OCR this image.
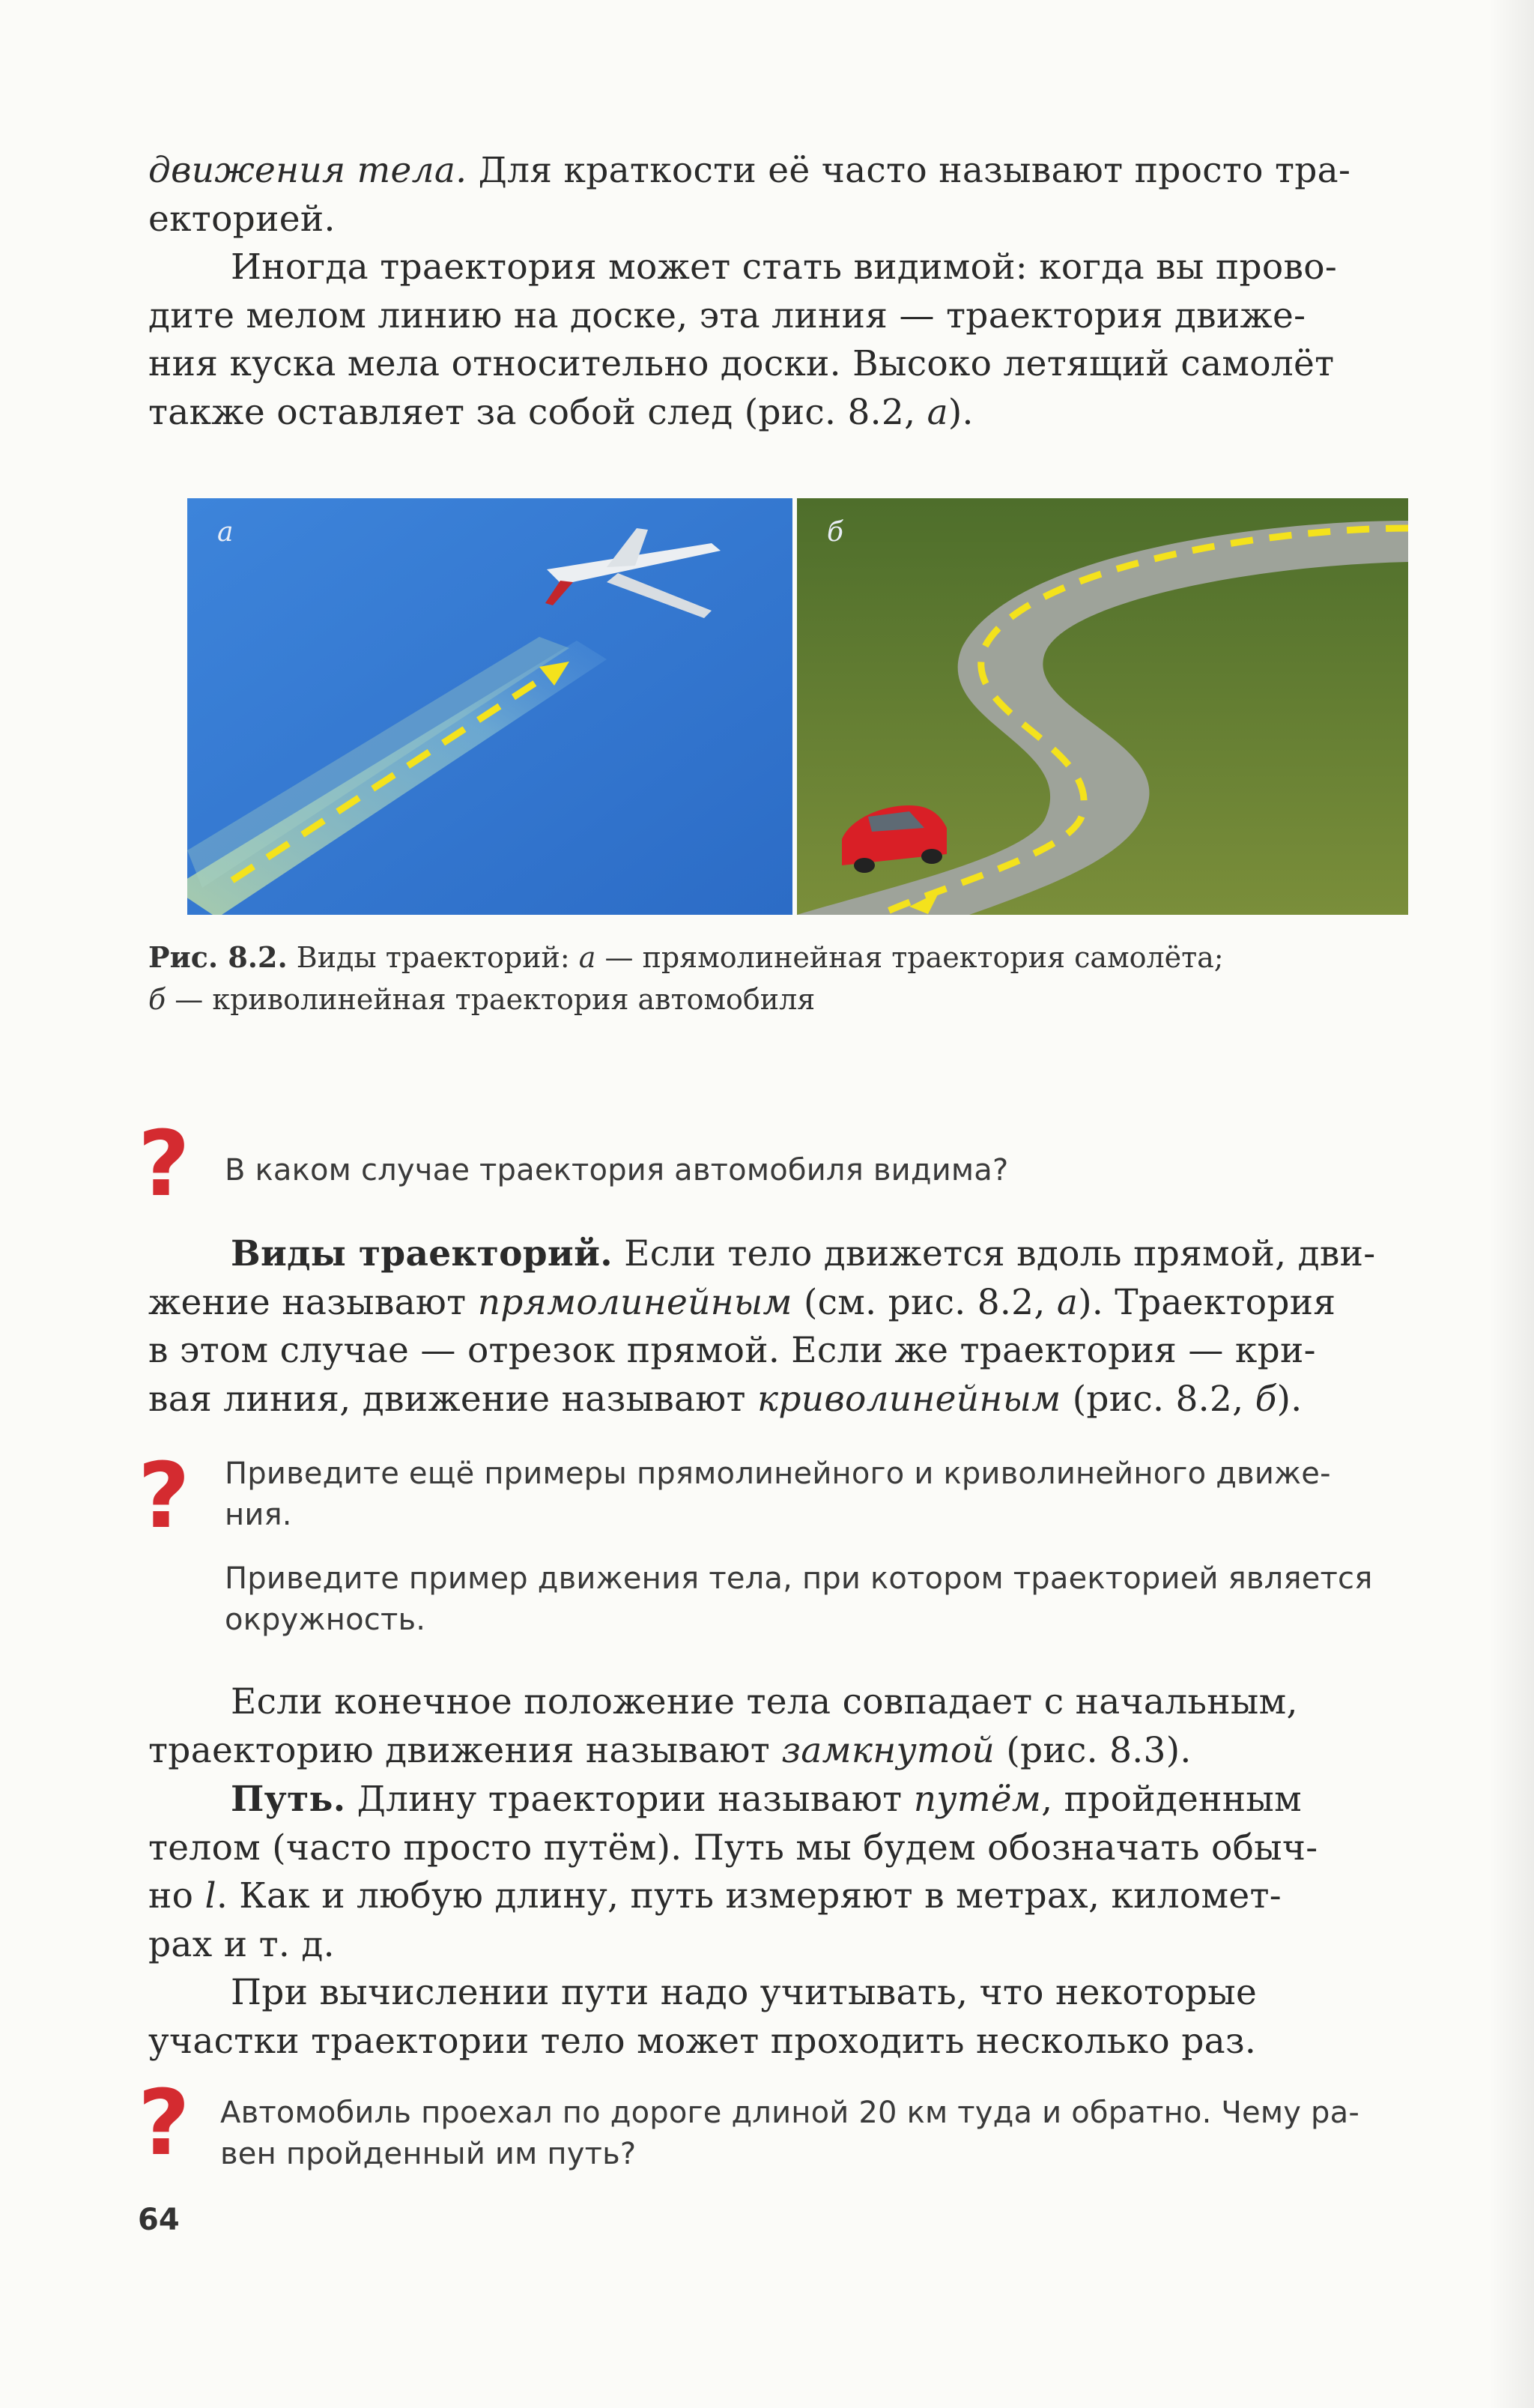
движения тела. Для краткости её часто называют просто тра-
екторией.

Иногда траектория может стать видимой: когда вы прово-
дите мелом линию на доске, эта линия — траектория движе-
ния куска мела относительно доски. Высоко летящий самолёт
также оставляет за собой след (рис. 8.2, а).

а	б

Рис. 8.2. Виды траекторий: а — прямолинейная траектория самолёта;
б — криволинейная траектория автомобиля

? В каком случае траектория автомобиля видима?

Виды траекторий. Если тело движется вдоль прямой, дви-
жение называют прямолинейным (см. рис. 8.2, а). Траектория
в этом случае — отрезок прямой. Если же траектория — кри-
вая линия, движение называют криволинейным (рис. 8.2, б).

? Приведите ещё примеры прямолинейного и криволинейного движе-
ния.
Приведите пример движения тела, при котором траекторией является
окружность.

Если конечное положение тела совпадает с начальным,
траекторию движения называют замкнутой (рис. 8.3).

Путь. Длину траектории называют путём, пройденным
телом (часто просто путём). Путь мы будем обозначать обыч-
но l. Как и любую длину, путь измеряют в метрах, километ-
рах и т. д.

При вычислении пути надо учитывать, что некоторые
участки траектории тело может проходить несколько раз.

? Автомобиль проехал по дороге длиной 20 км туда и обратно. Чему ра-
вен пройденный им путь?

64
